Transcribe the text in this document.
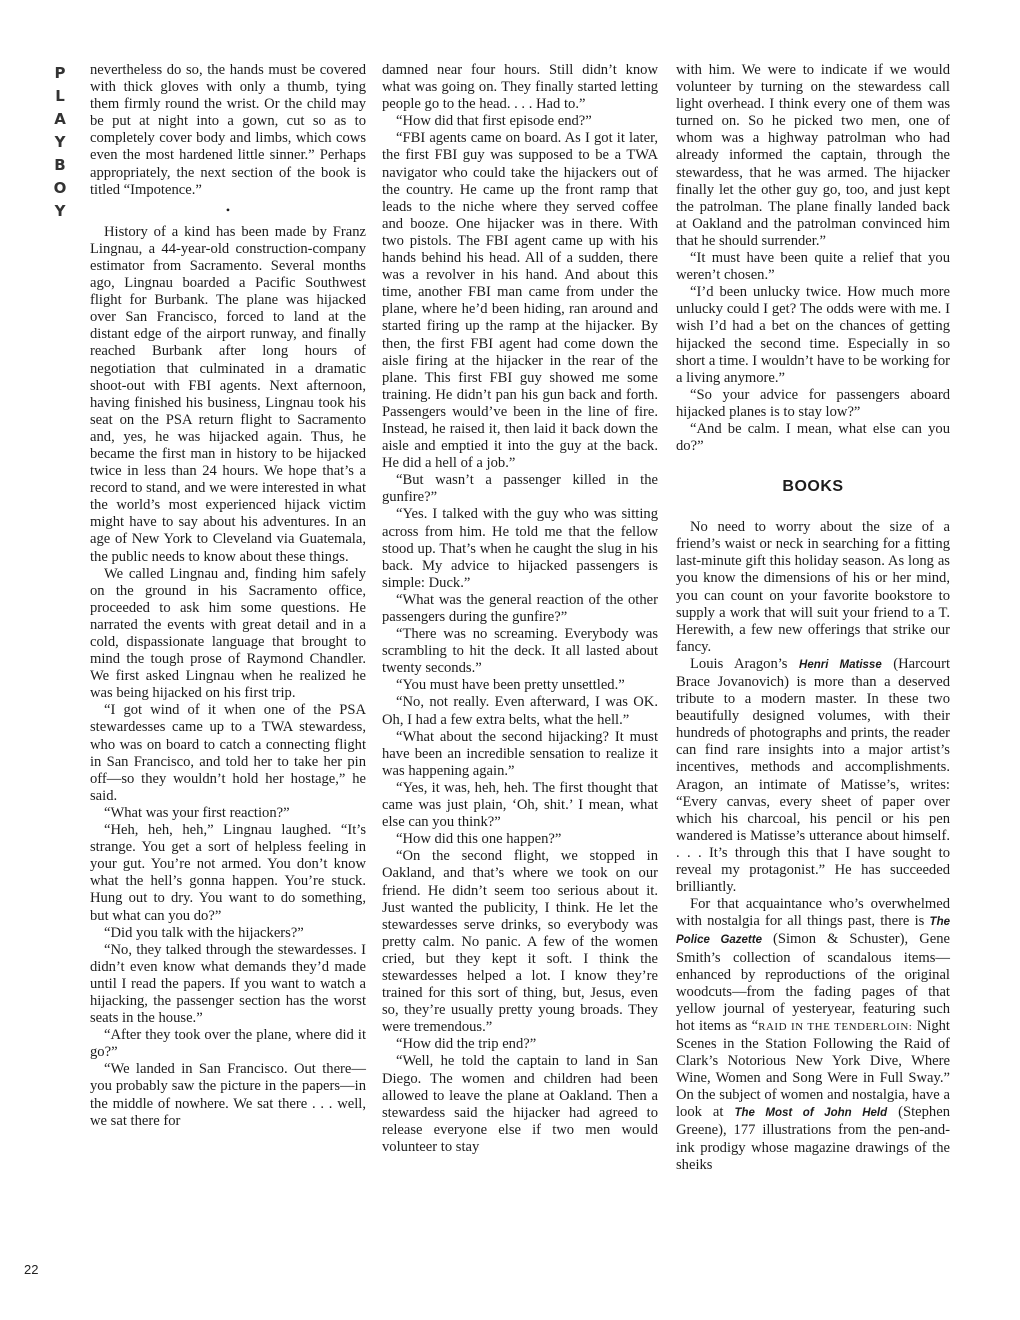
P
L
A
Y
B
O
Y
22

nevertheless do so, the hands must be covered with thick gloves with only a thumb, tying them firmly round the wrist. Or the child may be put at night into a gown, cut so as to completely cover body and limbs, which cows even the most hardened little sinner.” Perhaps appropriately, the next section of the book is titled “Impotence.”

•

History of a kind has been made by Franz Lingnau, a 44-year-old construction-company estimator from Sacramento. Several months ago, Lingnau boarded a Pacific Southwest flight for Burbank. The plane was hijacked over San Francisco, forced to land at the distant edge of the airport runway, and finally reached Burbank after long hours of negotiation that culminated in a dramatic shoot-out with FBI agents. Next afternoon, having finished his business, Lingnau took his seat on the PSA return flight to Sacramento and, yes, he was hijacked again. Thus, he became the first man in history to be hijacked twice in less than 24 hours. We hope that’s a record to stand, and we were interested in what the world’s most experienced hijack victim might have to say about his adventures. In an age of New York to Cleveland via Guatemala, the public needs to know about these things.

We called Lingnau and, finding him safely on the ground in his Sacramento office, proceeded to ask him some questions. He narrated the events with great detail and in a cold, dispassionate language that brought to mind the tough prose of Raymond Chandler. We first asked Lingnau when he realized he was being hijacked on his first trip.

“I got wind of it when one of the PSA stewardesses came up to a TWA stewardess, who was on board to catch a connecting flight in San Francisco, and told her to take her pin off—so they wouldn’t hold her hostage,” he said.

“What was your first reaction?”

“Heh, heh, heh,” Lingnau laughed. “It’s strange. You get a sort of helpless feeling in your gut. You’re not armed. You don’t know what the hell’s gonna happen. You’re stuck. Hung out to dry. You want to do something, but what can you do?”

“Did you talk with the hijackers?”

“No, they talked through the stewardesses. I didn’t even know what demands they’d made until I read the papers. If you want to watch a hijacking, the passenger section has the worst seats in the house.”

“After they took over the plane, where did it go?”

“We landed in San Francisco. Out there—you probably saw the picture in the papers—in the middle of nowhere. We sat there . . . well, we sat there for

damned near four hours. Still didn’t know what was going on. They finally started letting people go to the head. . . . Had to.”

“How did that first episode end?”

“FBI agents came on board. As I got it later, the first FBI guy was supposed to be a TWA navigator who could take the hijackers out of the country. He came up the front ramp that leads to the niche where they served coffee and booze. One hijacker was in there. With two pistols. The FBI agent came up with his hands behind his head. All of a sudden, there was a revolver in his hand. And about this time, another FBI man came from under the plane, where he’d been hiding, ran around and started firing up the ramp at the hijacker. By then, the first FBI agent had come down the aisle firing at the hijacker in the rear of the plane. This first FBI guy showed me some training. He didn’t pan his gun back and forth. Passengers would’ve been in the line of fire. Instead, he raised it, then laid it back down the aisle and emptied it into the guy at the back. He did a hell of a job.”

“But wasn’t a passenger killed in the gunfire?”

“Yes. I talked with the guy who was sitting across from him. He told me that the fellow stood up. That’s when he caught the slug in his back. My advice to hijacked passengers is simple: Duck.”

“What was the general reaction of the other passengers during the gunfire?”

“There was no screaming. Everybody was scrambling to hit the deck. It all lasted about twenty seconds.”

“You must have been pretty unsettled.”

“No, not really. Even afterward, I was OK. Oh, I had a few extra belts, what the hell.”

“What about the second hijacking? It must have been an incredible sensation to realize it was happening again.”

“Yes, it was, heh, heh. The first thought that came was just plain, ‘Oh, shit.’ I mean, what else can you think?”

“How did this one happen?”

“On the second flight, we stopped in Oakland, and that’s where we took on our friend. He didn’t seem too serious about it. Just wanted the publicity, I think. He let the stewardesses serve drinks, so everybody was pretty calm. No panic. A few of the women cried, but they kept it soft. I think the stewardesses helped a lot. I know they’re trained for this sort of thing, but, Jesus, even so, they’re usually pretty young broads. They were tremendous.”

“How did the trip end?”

“Well, he told the captain to land in San Diego. The women and children had been allowed to leave the plane at Oakland. Then a stewardess said the hijacker had agreed to release everyone else if two men would volunteer to stay

with him. We were to indicate if we would volunteer by turning on the stewardess call light overhead. I think every one of them was turned on. So he picked two men, one of whom was a highway patrolman who had already informed the captain, through the stewardess, that he was armed. The hijacker finally let the other guy go, too, and just kept the patrolman. The plane finally landed back at Oakland and the patrolman convinced him that he should surrender.”

“It must have been quite a relief that you weren’t chosen.”

“I’d been unlucky twice. How much more unlucky could I get? The odds were with me. I wish I’d had a bet on the chances of getting hijacked the second time. Especially in so short a time. I wouldn’t have to be working for a living anymore.”

“So your advice for passengers aboard hijacked planes is to stay low?”

“And be calm. I mean, what else can you do?”

BOOKS

No need to worry about the size of a friend’s waist or neck in searching for a fitting last-minute gift this holiday season. As long as you know the dimensions of his or her mind, you can count on your favorite bookstore to supply a work that will suit your friend to a T. Herewith, a few new offerings that strike our fancy.

Louis Aragon’s Henri Matisse (Harcourt Brace Jovanovich) is more than a deserved tribute to a modern master. In these two beautifully designed volumes, with their hundreds of photographs and prints, the reader can find rare insights into a major artist’s incentives, methods and accomplishments. Aragon, an intimate of Matisse’s, writes: “Every canvas, every sheet of paper over which his charcoal, his pencil or his pen wandered is Matisse’s utterance about himself. . . . It’s through this that I have sought to reveal my protagonist.” He has succeeded brilliantly.

For that acquaintance who’s overwhelmed with nostalgia for all things past, there is The Police Gazette (Simon & Schuster), Gene Smith’s collection of scandalous items—enhanced by reproductions of the original woodcuts—from the fading pages of that yellow journal of yesteryear, featuring such hot items as “RAID IN THE TENDERLOIN: Night Scenes in the Station Following the Raid of Clark’s Notorious New York Dive, Where Wine, Women and Song Were in Full Sway.” On the subject of women and nostalgia, have a look at The Most of John Held (Stephen Greene), 177 illustrations from the pen-and-ink prodigy whose magazine drawings of the sheiks
